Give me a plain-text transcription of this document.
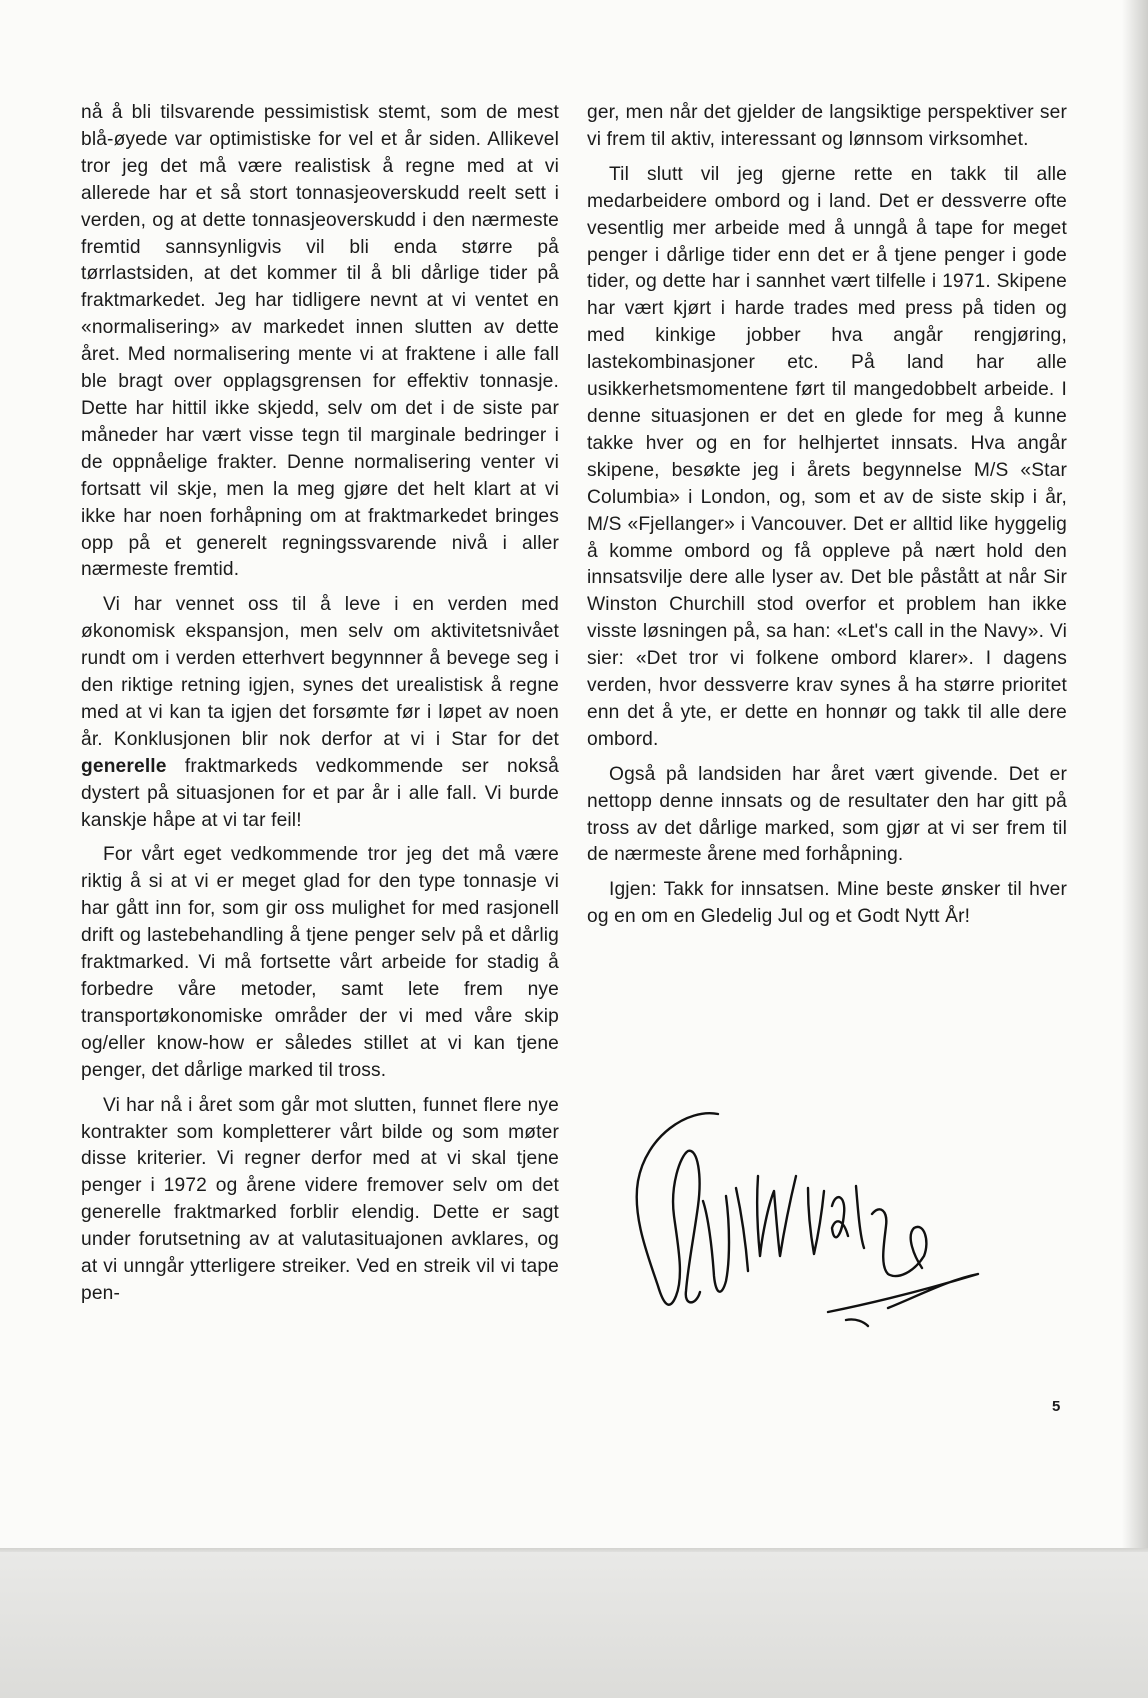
nå å bli tilsvarende pessimistisk stemt, som de mest blå-øyede var optimistiske for vel et år siden. Allikevel tror jeg det må være realistisk å regne med at vi allerede har et så stort tonnasjeoverskudd reelt sett i verden, og at dette tonnasjeoverskudd i den nærmeste fremtid sannsynligvis vil bli enda større på tørrlastsiden, at det kommer til å bli dårlige tider på fraktmarkedet. Jeg har tidligere nevnt at vi ventet en «normalisering» av markedet innen slutten av dette året. Med normalisering mente vi at fraktene i alle fall ble bragt over opplagsgrensen for effektiv tonnasje. Dette har hittil ikke skjedd, selv om det i de siste par måneder har vært visse tegn til marginale bedringer i de oppnåelige frakter. Denne normalisering venter vi fortsatt vil skje, men la meg gjøre det helt klart at vi ikke har noen forhåpning om at fraktmarkedet bringes opp på et generelt regningssvarende nivå i aller nærmeste fremtid.

Vi har vennet oss til å leve i en verden med økonomisk ekspansjon, men selv om aktivitetsnivået rundt om i verden etterhvert begynnner å bevege seg i den riktige retning igjen, synes det urealistisk å regne med at vi kan ta igjen det forsømte før i løpet av noen år. Konklusjonen blir nok derfor at vi i Star for det generelle fraktmarkeds vedkommende ser nokså dystert på situasjonen for et par år i alle fall. Vi burde kanskje håpe at vi tar feil!

For vårt eget vedkommende tror jeg det må være riktig å si at vi er meget glad for den type tonnasje vi har gått inn for, som gir oss mulighet for med rasjonell drift og lastebehandling å tjene penger selv på et dårlig fraktmarked. Vi må fortsette vårt arbeide for stadig å forbedre våre metoder, samt lete frem nye transportøkonomiske områder der vi med våre skip og/eller know-how er således stillet at vi kan tjene penger, det dårlige marked til tross.

Vi har nå i året som går mot slutten, funnet flere nye kontrakter som kompletterer vårt bilde og som møter disse kriterier. Vi regner derfor med at vi skal tjene penger i 1972 og årene videre fremover selv om det generelle fraktmarked forblir elendig. Dette er sagt under forutsetning av at valutasituajonen avklares, og at vi unngår ytterligere streiker. Ved en streik vil vi tape pen-

ger, men når det gjelder de langsiktige perspektiver ser vi frem til aktiv, interessant og lønnsom virksomhet.

Til slutt vil jeg gjerne rette en takk til alle medarbeidere ombord og i land. Det er dessverre ofte vesentlig mer arbeide med å unngå å tape for meget penger i dårlige tider enn det er å tjene penger i gode tider, og dette har i sannhet vært tilfelle i 1971. Skipene har vært kjørt i harde trades med press på tiden og med kinkige jobber hva angår rengjøring, lastekombinasjoner etc. På land har alle usikkerhetsmomentene ført til mangedobbelt arbeide. I denne situasjonen er det en glede for meg å kunne takke hver og en for helhjertet innsats. Hva angår skipene, besøkte jeg i årets begynnelse M/S «Star Columbia» i London, og, som et av de siste skip i år, M/S «Fjellanger» i Vancouver. Det er alltid like hyggelig å komme ombord og få oppleve på nært hold den innsatsvilje dere alle lyser av. Det ble påstått at når Sir Winston Churchill stod overfor et problem han ikke visste løsningen på, sa han: «Let's call in the Navy». Vi sier: «Det tror vi folkene ombord klarer». I dagens verden, hvor dessverre krav synes å ha større prioritet enn det å yte, er dette en honnør og takk til alle dere ombord.

Også på landsiden har året vært givende. Det er nettopp denne innsats og de resultater den har gitt på tross av det dårlige marked, som gjør at vi ser frem til de nærmeste årene med forhåpning.

Igjen: Takk for innsatsen. Mine beste ønsker til hver og en om en Gledelig Jul og et Godt Nytt År!

5
